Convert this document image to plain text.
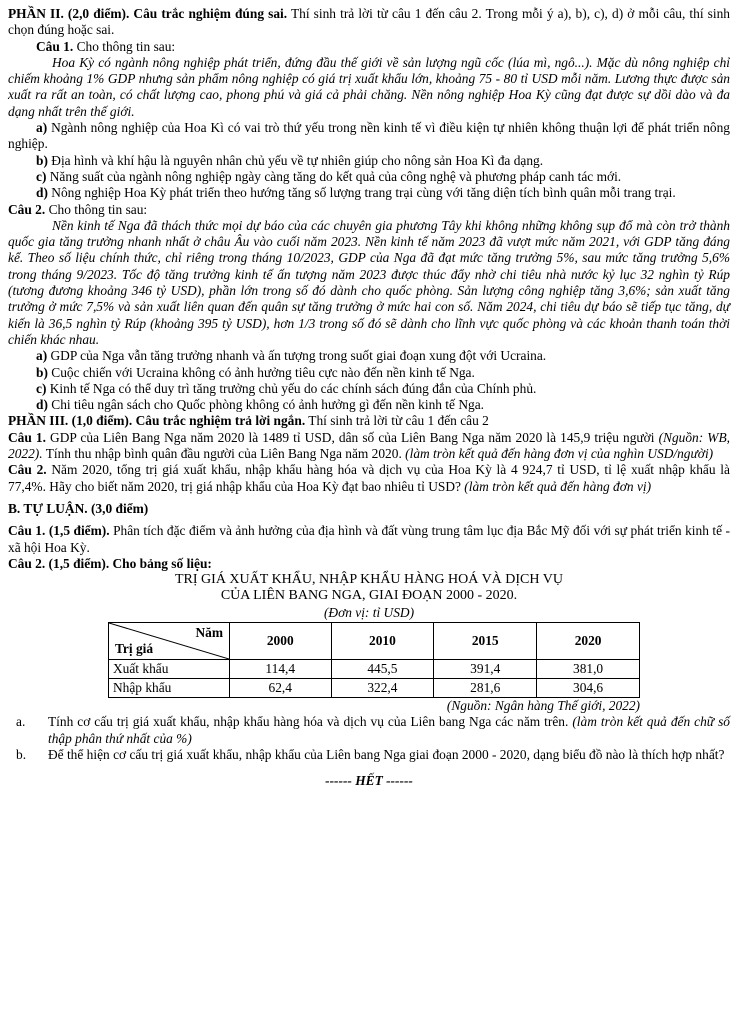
PHẦN II. (2,0 điểm). Câu trắc nghiệm đúng sai. Thí sinh trả lời từ câu 1 đến câu 2. Trong mỗi ý a), b), c), d) ở mỗi câu, thí sinh chọn đúng hoặc sai.

Câu 1. Cho thông tin sau:

Hoa Kỳ có ngành nông nghiệp phát triển, đứng đầu thế giới về sản lượng ngũ cốc (lúa mì, ngô...). Mặc dù nông nghiệp chỉ chiếm khoảng 1% GDP nhưng sản phẩm nông nghiệp có giá trị xuất khẩu lớn, khoảng 75 - 80 tỉ USD mỗi năm. Lương thực được sản xuất ra rất an toàn, có chất lượng cao, phong phú và giá cả phải chăng. Nền nông nghiệp Hoa Kỳ cũng đạt được sự dồi dào và đa dạng nhất trên thế giới.

a) Ngành nông nghiệp của Hoa Kì có vai trò thứ yếu trong nền kinh tế vì điều kiện tự nhiên không thuận lợi để phát triển nông nghiệp.

b) Địa hình và khí hậu là nguyên nhân chủ yếu về tự nhiên giúp cho nông sản Hoa Kì đa dạng.

c) Năng suất của ngành nông nghiệp ngày càng tăng do kết quả của công nghệ và phương pháp canh tác mới.

d) Nông nghiệp Hoa Kỳ phát triển theo hướng tăng số lượng trang trại cùng với tăng diện tích bình quân mỗi trang trại.

Câu 2. Cho thông tin sau:

Nền kinh tế Nga đã thách thức mọi dự báo của các chuyên gia phương Tây khi không những không sụp đổ mà còn trở thành quốc gia tăng trưởng nhanh nhất ở châu Âu vào cuối năm 2023. Nền kinh tế năm 2023 đã vượt mức năm 2021, với GDP tăng đáng kể. Theo số liệu chính thức, chỉ riêng trong tháng 10/2023, GDP của Nga đã đạt mức tăng trưởng 5%, sau mức tăng trưởng 5,6% trong tháng 9/2023. Tốc độ tăng trưởng kinh tế ấn tượng năm 2023 được thúc đẩy nhờ chi tiêu nhà nước kỷ lục 32 nghìn tỷ Rúp (tương đương khoảng 346 tỷ USD), phần lớn trong số đó dành cho quốc phòng. Sản lượng công nghiệp tăng 3,6%; sản xuất tăng trưởng ở mức 7,5% và sản xuất liên quan đến quân sự tăng trưởng ở mức hai con số. Năm 2024, chi tiêu dự báo sẽ tiếp tục tăng, dự kiến là 36,5 nghìn tỷ Rúp (khoảng 395 tỷ USD), hơn 1/3 trong số đó sẽ dành cho lĩnh vực quốc phòng và các khoản thanh toán thời chiến khác nhau.

a) GDP của Nga vẫn tăng trưởng nhanh và ấn tượng trong suốt giai đoạn xung đột với Ucraina.

b) Cuộc chiến với Ucraina không có ảnh hưởng tiêu cực nào đến nền kinh tế Nga.

c) Kinh tế Nga có thể duy trì tăng trưởng chủ yếu do các chính sách đúng đắn của Chính phủ.

d) Chi tiêu ngân sách cho Quốc phòng không có ảnh hưởng gì đến nền kinh tế Nga.

PHẦN III. (1,0 điểm). Câu trắc nghiệm trả lời ngắn. Thí sinh trả lời từ câu 1 đến câu 2

Câu 1. GDP của Liên Bang Nga năm 2020 là 1489 tỉ USD, dân số của Liên Bang Nga năm 2020 là 145,9 triệu người (Nguồn: WB, 2022). Tính thu nhập bình quân đầu người của Liên Bang Nga năm 2020. (làm tròn kết quả đến hàng đơn vị của nghìn USD/người)

Câu 2. Năm 2020, tổng trị giá xuất khẩu, nhập khẩu hàng hóa và dịch vụ của Hoa Kỳ là 4 924,7 tỉ USD, tỉ lệ xuất nhập khẩu là 77,4%. Hãy cho biết năm 2020, trị giá nhập khẩu của Hoa Kỳ đạt bao nhiêu tỉ USD? (làm tròn kết quả đến hàng đơn vị)

B. TỰ LUẬN. (3,0 điểm)

Câu 1. (1,5 điểm). Phân tích đặc điểm và ảnh hưởng của địa hình và đất vùng trung tâm lục địa Bắc Mỹ đối với sự phát triển kinh tế - xã hội Hoa Kỳ.

Câu 2. (1,5 điểm). Cho bảng số liệu:

TRỊ GIÁ XUẤT KHẨU, NHẬP KHẨU HÀNG HOÁ VÀ DỊCH VỤ

CỦA LIÊN BANG NGA, GIAI ĐOẠN 2000 - 2020.

(Đơn vị: tỉ USD)

Năm
Trị giá	2000	2010	2015	2020
Xuất khẩu	114,4	445,5	391,4	381,0
Nhập khẩu	62,4	322,4	281,6	304,6

(Nguồn: Ngân hàng Thế giới, 2022)

a. Tính cơ cấu trị giá xuất khẩu, nhập khẩu hàng hóa và dịch vụ của Liên bang Nga các năm trên. (làm tròn kết quả đến chữ số thập phân thứ nhất của %)
b. Để thể hiện cơ cấu trị giá xuất khẩu, nhập khẩu của Liên bang Nga giai đoạn 2000 - 2020, dạng biểu đồ nào là thích hợp nhất?

------ HẾT ------
